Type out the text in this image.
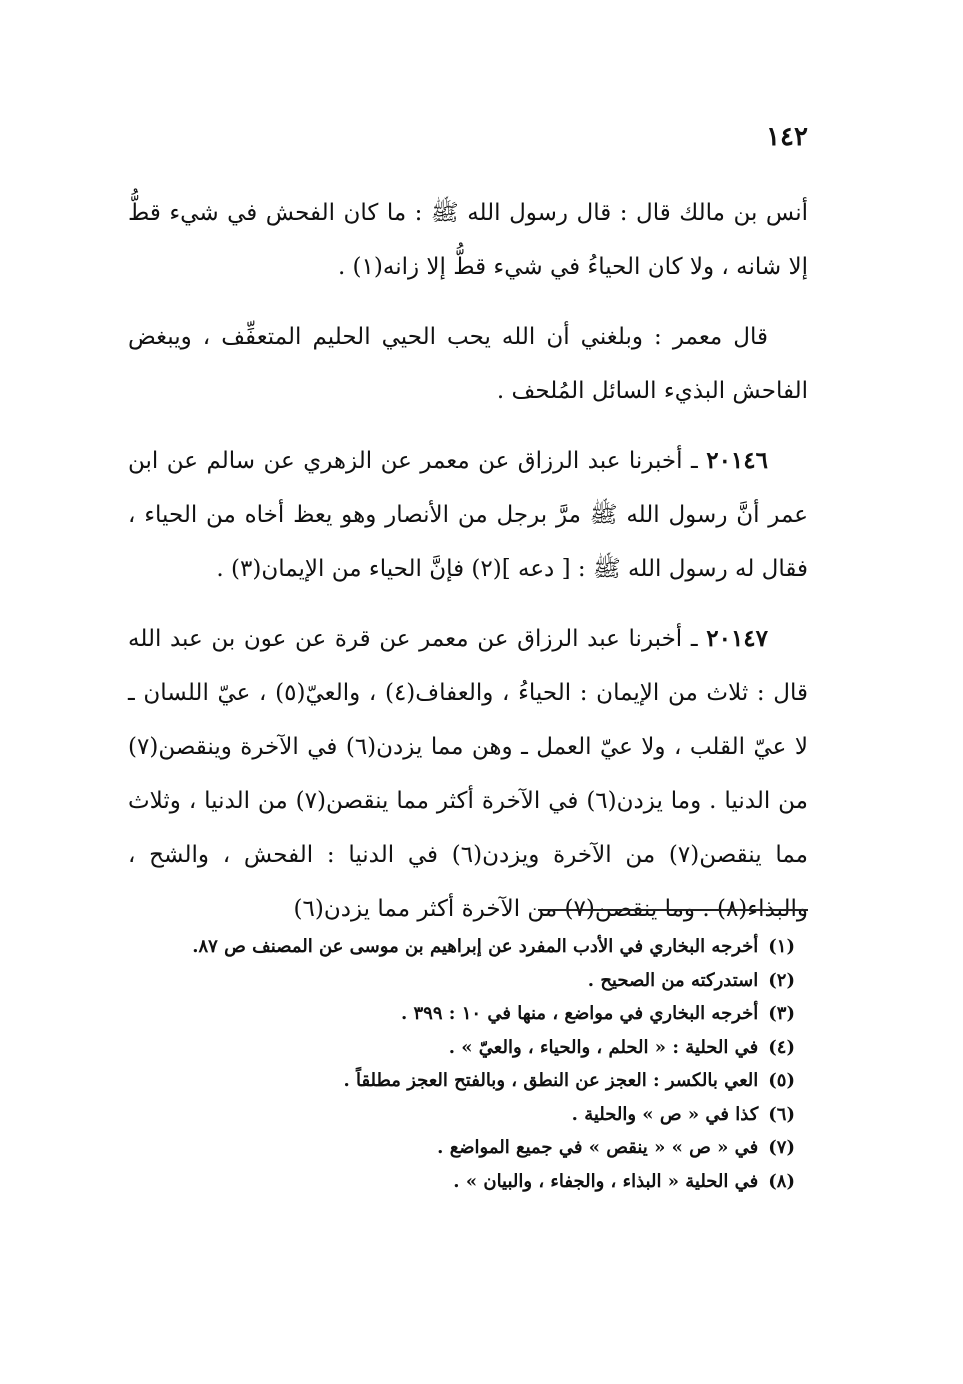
١٤٢

أنس بن مالك قال : قال رسول الله ﷺ : ما كان الفحش في شيء قطُّ إلا شانه ، ولا كان الحياءُ في شيء قطُّ إلا زانه(١) .

قال معمر : وبلغني أن الله يحب الحيي الحليم المتعفِّف ، ويبغض الفاحش البذيء السائل المُلحف .

٢٠١٤٦ ـ أخبرنا عبد الرزاق عن معمر عن الزهري عن سالم عن ابن عمر أنَّ رسول الله ﷺ مرَّ برجل من الأنصار وهو يعظ أخاه من الحياء ، فقال له رسول الله ﷺ : [ دعه ](٢) فإنَّ الحياء من الإيمان(٣) .

٢٠١٤٧ ـ أخبرنا عبد الرزاق عن معمر عن قرة عن عون بن عبد الله قال : ثلاث من الإيمان : الحياءُ ، والعفاف(٤) ، والعيّ(٥) ، عيّ اللسان ـ لا عيّ القلب ، ولا عيّ العمل ـ وهن مما يزدن(٦) في الآخرة وينقصن(٧) من الدنيا . وما يزدن(٦) في الآخرة أكثر مما ينقصن(٧) من الدنيا ، وثلاث مما ينقصن(٧) من الآخرة ويزدن(٦) في الدنيا : الفحش ، والشح ، والبذاء(٨) . وما ينقصن(٧) من الآخرة أكثر مما يزدن(٦)

(١)أخرجه البخاري في الأدب المفرد عن إبراهيم بن موسى عن المصنف ص ٨٧.
(٢)استدركته من الصحيح .
(٣)أخرجه البخاري في مواضع ، منها في ١٠ : ٣٩٩ .
(٤)في الحلية : « الحلم ، والحياء ، والعيّ » .
(٥)العي بالكسر : العجز عن النطق ، وبالفتح العجز مطلقاً .
(٦)كذا في « ص » والحلية .
(٧)في « ص » « ينقص » في جميع المواضع .
(٨)في الحلية « البذاء ، والجفاء ، والبيان » .
